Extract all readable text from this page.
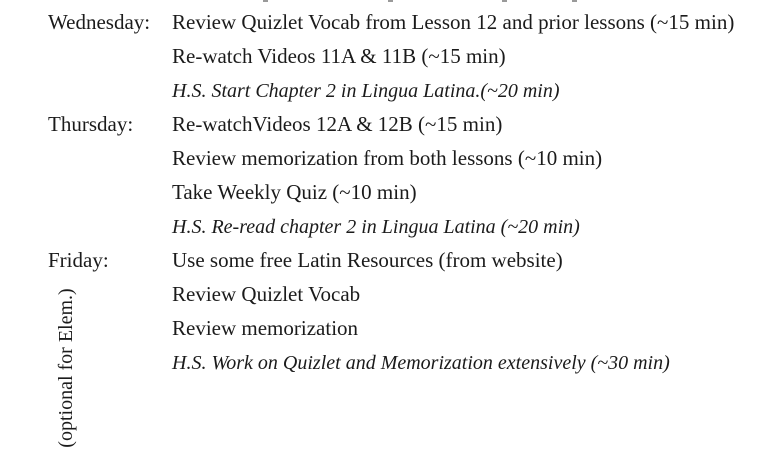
Wednesday: Review Quizlet Vocab from Lesson 12 and prior lessons (~15 min)
Re-watch Videos 11A & 11B (~15 min)
H.S. Start Chapter 2 in Lingua Latina.(~20 min)
Thursday: Re-watchVideos 12A & 12B (~15 min)
Review memorization from both lessons (~10 min)
Take Weekly Quiz (~10 min)
H.S. Re-read chapter 2 in Lingua Latina (~20 min)
Friday:	Use some free Latin Resources (from website)
Review Quizlet Vocab
Review memorization
H.S. Work on Quizlet and Memorization extensively (~30 min)
(optional for Elem.)
